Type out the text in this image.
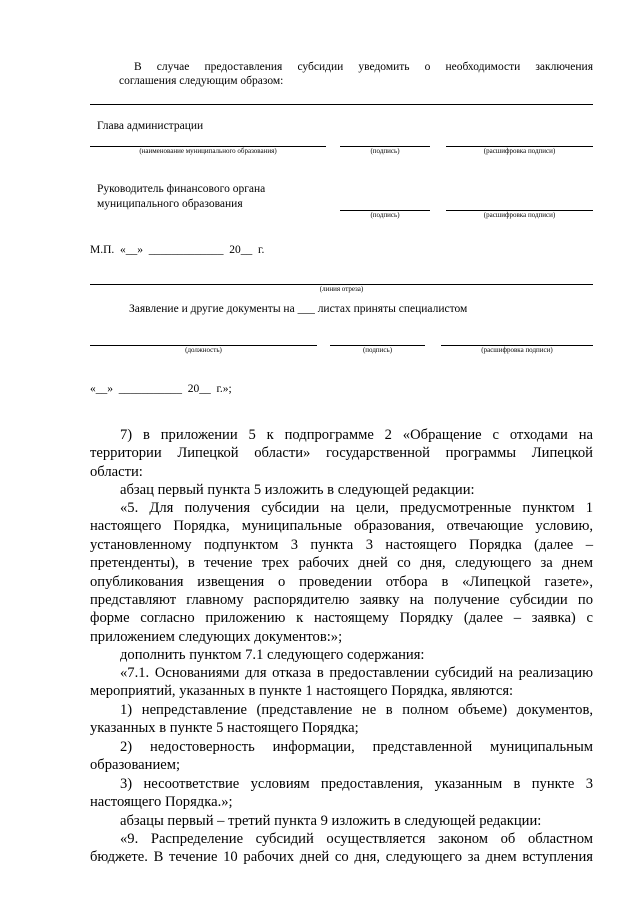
В случае предоставления субсидии уведомить о необходимости заключения
соглашения следующим образом:
Глава администрации
(наименование муниципального образования)	(подпись)	(расшифровка подписи)
Руководитель финансового органа
муниципального образования
(подпись)	(расшифровка подписи)
М.П.  «__»  _____________  20__  г.
(линия отреза)
Заявление и другие документы на ___ листах приняты специалистом
(должность)	(подпись)	(расшифровка подписи)
«__»  ___________  20__  г.»;
7) в приложении 5 к подпрограмме 2 «Обращение с отходами на
территории Липецкой области» государственной программы Липецкой
области:
абзац первый пункта 5 изложить в следующей редакции:
«5. Для получения субсидии на цели, предусмотренные пунктом 1
настоящего Порядка, муниципальные образования, отвечающие условию,
установленному подпунктом 3 пункта 3 настоящего Порядка (далее –
претенденты), в течение трех рабочих дней со дня, следующего за днем
опубликования извещения о проведении отбора в «Липецкой газете»,
представляют главному распорядителю заявку на получение субсидии по
форме согласно приложению к настоящему Порядку (далее – заявка) с
приложением следующих документов:»;
дополнить пунктом 7.1 следующего содержания:
«7.1. Основаниями для отказа в предоставлении субсидий на реализацию
мероприятий, указанных в пункте 1 настоящего Порядка, являются:
1) непредставление (представление не в полном объеме) документов,
указанных в пункте 5 настоящего Порядка;
2) недостоверность информации, представленной муниципальным
образованием;
3) несоответствие условиям предоставления, указанным в пункте 3
настоящего Порядка.»;
абзацы первый – третий пункта 9 изложить в следующей редакции:
«9. Распределение субсидий осуществляется законом об областном
бюджете. В течение 10 рабочих дней со дня, следующего за днем вступления
